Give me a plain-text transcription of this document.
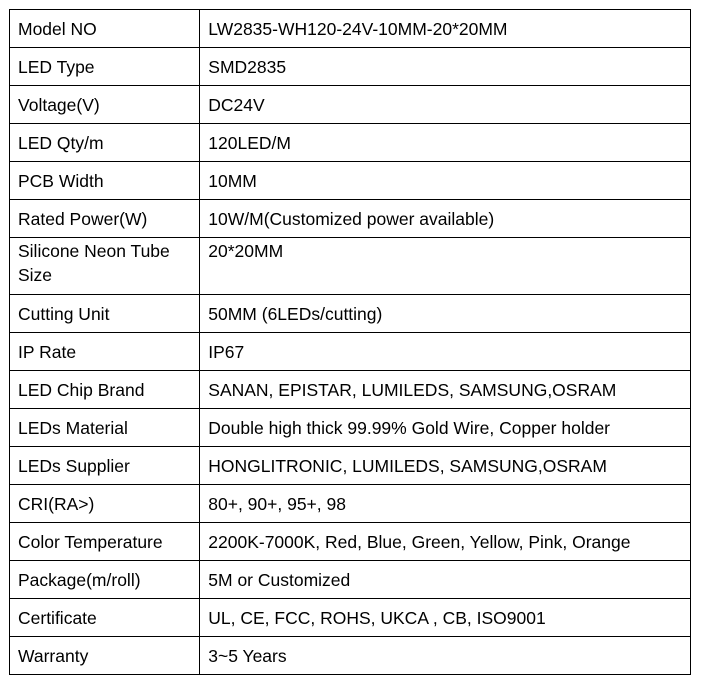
Model NO	LW2835-WH120-24V-10MM-20*20MM
LED Type	SMD2835
Voltage(V)	DC24V
LED Qty/m	120LED/M
PCB Width	10MM
Rated Power(W)	10W/M(Customized power available)
Silicone Neon Tube Size	20*20MM
Cutting Unit	50MM (6LEDs/cutting)
IP Rate	IP67
LED Chip Brand	SANAN, EPISTAR, LUMILEDS, SAMSUNG,OSRAM
LEDs Material	Double high thick 99.99% Gold Wire, Copper holder
LEDs Supplier	HONGLITRONIC, LUMILEDS, SAMSUNG,OSRAM
CRI(RA>)	80+, 90+, 95+, 98
Color Temperature	2200K-7000K, Red, Blue, Green, Yellow, Pink, Orange
Package(m/roll)	5M or Customized
Certificate	UL, CE, FCC, ROHS, UKCA , CB, ISO9001
Warranty	3~5 Years
